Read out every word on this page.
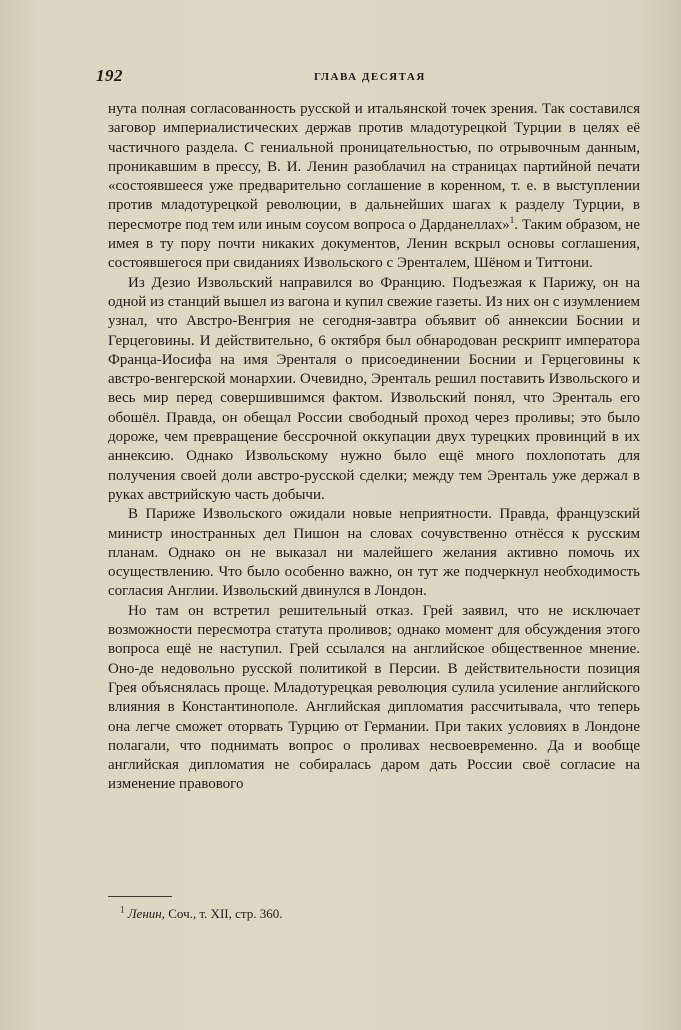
192	ГЛАВА ДЕСЯТАЯ

нута полная согласованность русской и итальянской точек зрения. Так составился заговор империалистических держав против младотурецкой Турции в целях её частичного раздела. С гениальной проницательностью, по отрывочным данным, проникавшим в прессу, В. И. Ленин разоблачил на страницах партийной печати «состоявшееся уже предварительно соглашение в коренном, т. е. в выступлении против младотурецкой революции, в дальнейших шагах к разделу Турции, в пересмотре под тем или иным соусом вопроса о Дарданеллах»$^1$. Таким образом, не имея в ту пору почти никаких документов, Ленин вскрыл основы соглашения, состоявшегося при свиданиях Извольского с Эренталем, Шёном и Титтони.

Из Дезио Извольский направился во Францию. Подъезжая к Парижу, он на одной из станций вышел из вагона и купил свежие газеты. Из них он с изумлением узнал, что Австро-Венгрия не сегодня-завтра объявит об аннексии Боснии и Герцеговины. И действительно, 6 октября был обнародован рескрипт императора Франца-Иосифа на имя Эренталя о присоединении Боснии и Герцеговины к австро-венгерской монархии. Очевидно, Эренталь решил поставить Извольского и весь мир перед совершившимся фактом. Извольский понял, что Эренталь его обошёл. Правда, он обещал России свободный проход через проливы; это было дороже, чем превращение бессрочной оккупации двух турецких провинций в их аннексию. Однако Извольскому нужно было ещё много похлопотать для получения своей доли австро-русской сделки; между тем Эренталь уже держал в руках австрийскую часть добычи.

В Париже Извольского ожидали новые неприятности. Правда, французский министр иностранных дел Пишон на словах сочувственно отнёсся к русским планам. Однако он не выказал ни малейшего желания активно помочь их осуществлению. Что было особенно важно, он тут же подчеркнул необходимость согласия Англии. Извольский двинулся в Лондон.

Но там он встретил решительный отказ. Грей заявил, что не исключает возможности пересмотра статута проливов; однако момент для обсуждения этого вопроса ещё не наступил. Грей ссылался на английское общественное мнение. Оно-де недовольно русской политикой в Персии. В действительности позиция Грея объяснялась проще. Младотурецкая революция сулила усиление английского влияния в Константинополе. Английская дипломатия рассчитывала, что теперь она легче сможет оторвать Турцию от Германии. При таких условиях в Лондоне полагали, что поднимать вопрос о проливах несвоевременно. Да и вообще английская дипломатия не собиралась даром дать России своё согласие на изменение правового

$^1$ Ленин, Соч., т. XII, стр. 360.
